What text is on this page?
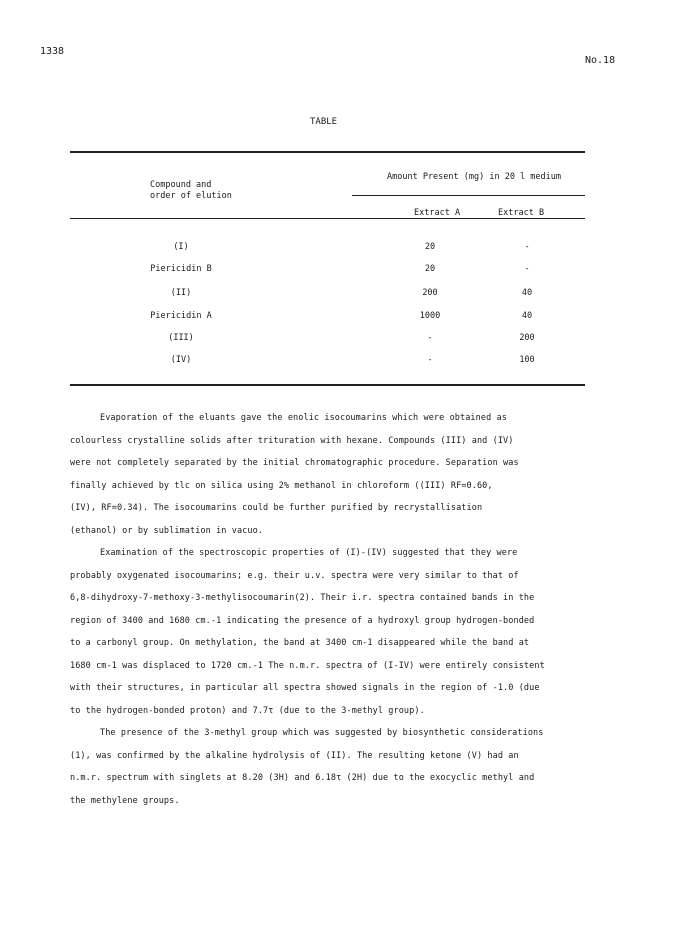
1338
No.18
TABLE
Amount Present (mg) in 20 l medium
Compound and
order of elution
Extract A	Extract B
(I)	20	-
Piericidin B	20	-
(II)	200	40
Piericidin A	1000	40
(III)	-	200
(IV)	-	100

Evaporation of the eluants gave the enolic isocoumarins which were obtained as

colourless crystalline solids after trituration with hexane. Compounds (III) and (IV)

were not completely separated by the initial chromatographic procedure. Separation was

finally achieved by tlc on silica using 2% methanol in chloroform ((III) RF=0.60,

(IV), RF=0.34). The isocoumarins could be further purified by recrystallisation

(ethanol) or by sublimation in vacuo.

Examination of the spectroscopic properties of (I)-(IV) suggested that they were

probably oxygenated isocoumarins; e.g. their u.v. spectra were very similar to that of

6,8-dihydroxy-7-methoxy-3-methylisocoumarin(2). Their i.r. spectra contained bands in the

region of 3400 and 1680 cm.-1 indicating the presence of a hydroxyl group hydrogen-bonded

to a carbonyl group. On methylation, the band at 3400 cm-1 disappeared while the band at

1680 cm-1 was displaced to 1720 cm.-1 The n.m.r. spectra of (I-IV) were entirely consistent

with their structures, in particular all spectra showed signals in the region of -1.0 (due

to the hydrogen-bonded proton) and 7.7τ (due to the 3-methyl group).

The presence of the 3-methyl group which was suggested by biosynthetic considerations

(1), was confirmed by the alkaline hydrolysis of (II). The resulting ketone (V) had an

n.m.r. spectrum with singlets at 8.20 (3H) and 6.18τ (2H) due to the exocyclic methyl and

the methylene groups.
